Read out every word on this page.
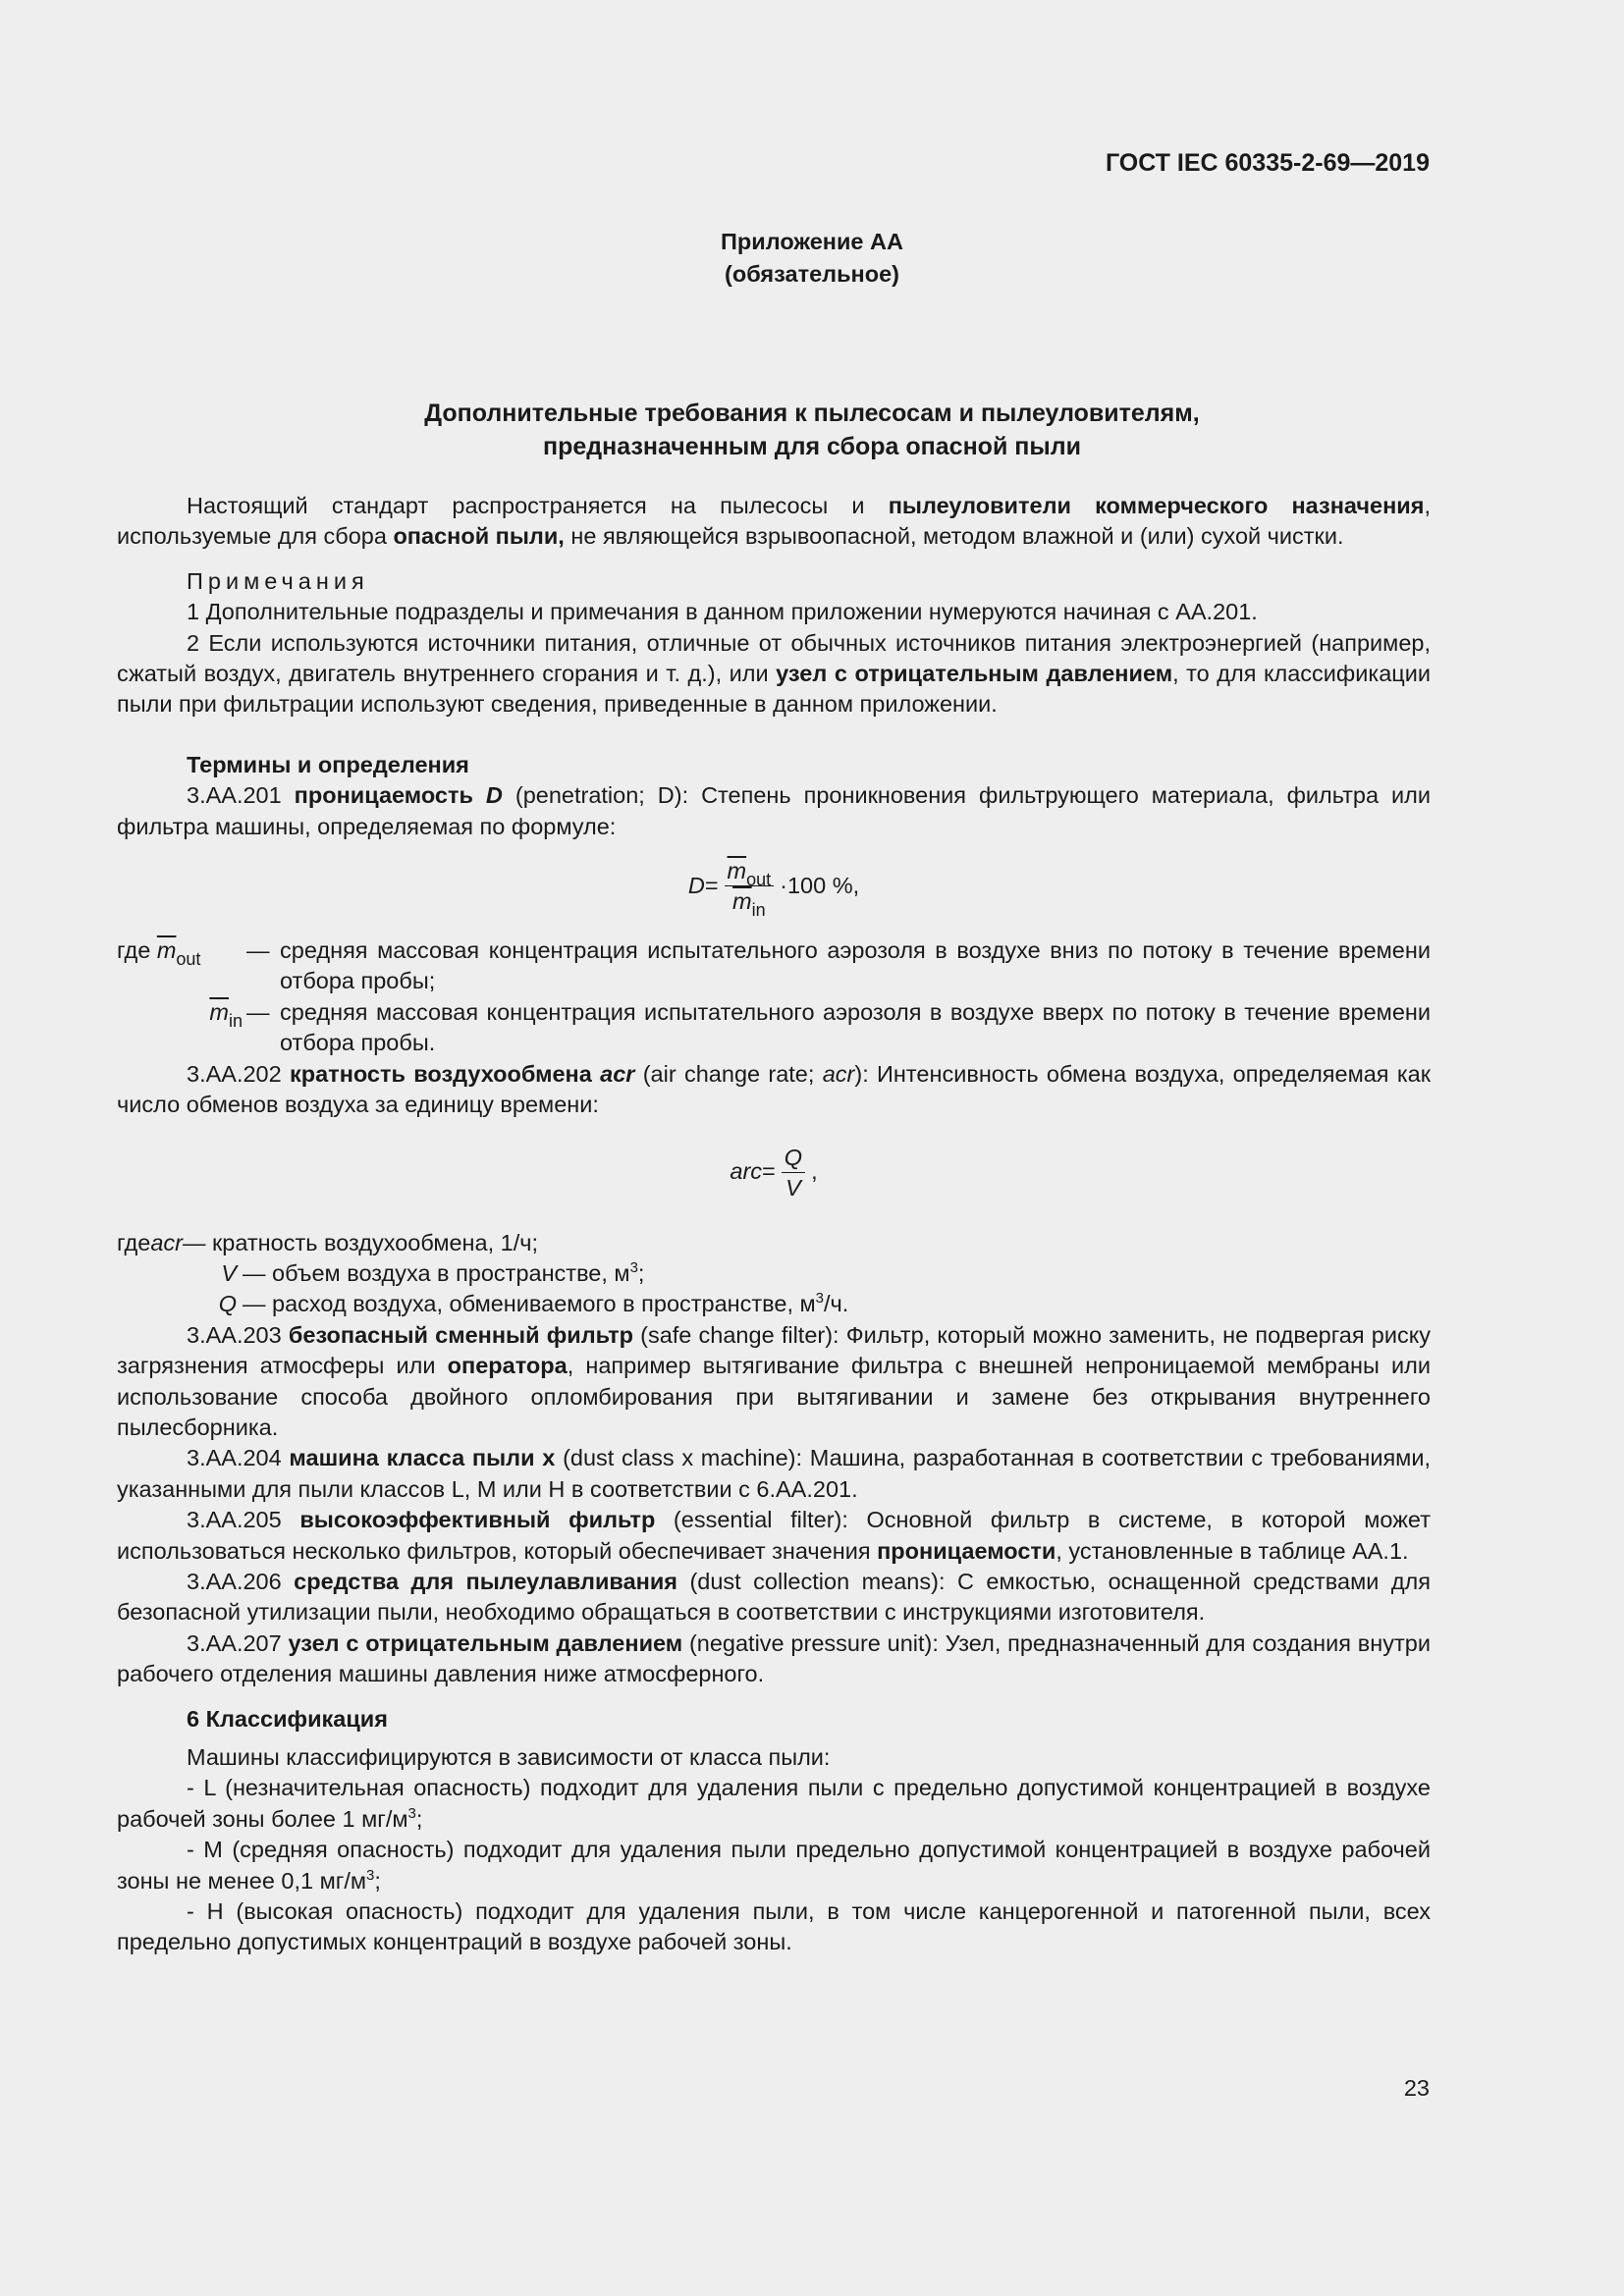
ГОСТ IEC 60335-2-69—2019
Приложение АА
(обязательное)
Дополнительные требования к пылесосам и пылеуловителям,
предназначенным для сбора опасной пыли
Настоящий стандарт распространяется на пылесосы и пылеуловители коммерческого назначения, используемые для сбора опасной пыли, не являющейся взрывоопасной, методом влажной и (или) сухой чистки.
Примечания
1 Дополнительные подразделы и примечания в данном приложении нумеруются начиная с АА.201.
2 Если используются источники питания, отличные от обычных источников питания электроэнергией (например, сжатый воздух, двигатель внутреннего сгорания и т. д.), или узел с отрицательным давлением, то для классификации пыли при фильтрации используют сведения, приведенные в данном приложении.
Термины и определения
3.АА.201 проницаемость D (penetration; D): Степень проникновения фильтрующего материала, фильтра или фильтра машины, определяемая по формуле:
$D = \frac{\overline{m}_{out}}{\overline{m}_{in}} \cdot 100$ %,
где $\overline{m}_{out}$	— средняя массовая концентрация испытательного аэрозоля в воздухе вниз по потоку в течение времени отбора пробы;
$\overline{m}_{in}$ — средняя массовая концентрация испытательного аэрозоля в воздухе вверх по потоку в течение времени отбора пробы.
3.АА.202 кратность воздухообмена acr (air change rate; acr): Интенсивность обмена воздуха, определяемая как число обменов воздуха за единицу времени:
arc = $\frac{Q}{V}$ ,
где acr — кратность воздухообмена, 1/ч;
V — объем воздуха в пространстве, $м^3$;
Q — расход воздуха, обмениваемого в пространстве, $м^3/ч$.
3.АА.203 безопасный сменный фильтр (safe change filter): Фильтр, который можно заменить, не подвергая риску загрязнения атмосферы или оператора, например вытягивание фильтра с внешней непроницаемой мембраны или использование способа двойного опломбирования при вытягивании и замене без открывания внутреннего пылесборника.
3.АА.204 машина класса пыли x (dust class x machine): Машина, разработанная в соответствии с требованиями, указанными для пыли классов L, M или H в соответствии с 6.АА.201.
3.АА.205 высокоэффективный фильтр (essential filter): Основной фильтр в системе, в которой может использоваться несколько фильтров, который обеспечивает значения проницаемости, установленные в таблице АА.1.
3.АА.206 средства для пылеулавливания (dust collection means): С емкостью, оснащенной средствами для безопасной утилизации пыли, необходимо обращаться в соответствии с инструкциями изготовителя.
3.АА.207 узел с отрицательным давлением (negative pressure unit): Узел, предназначенный для создания внутри рабочего отделения машины давления ниже атмосферного.
6 Классификация
Машины классифицируются в зависимости от класса пыли:
- L (незначительная опасность) подходит для удаления пыли с предельно допустимой концентрацией в воздухе рабочей зоны более 1 $мг/м^3$;
- M (средняя опасность) подходит для удаления пыли предельно допустимой концентрацией в воздухе рабочей зоны не менее 0,1 $мг/м^3$;
- H (высокая опасность) подходит для удаления пыли, в том числе канцерогенной и патогенной пыли, всех предельно допустимых концентраций в воздухе рабочей зоны.
23
